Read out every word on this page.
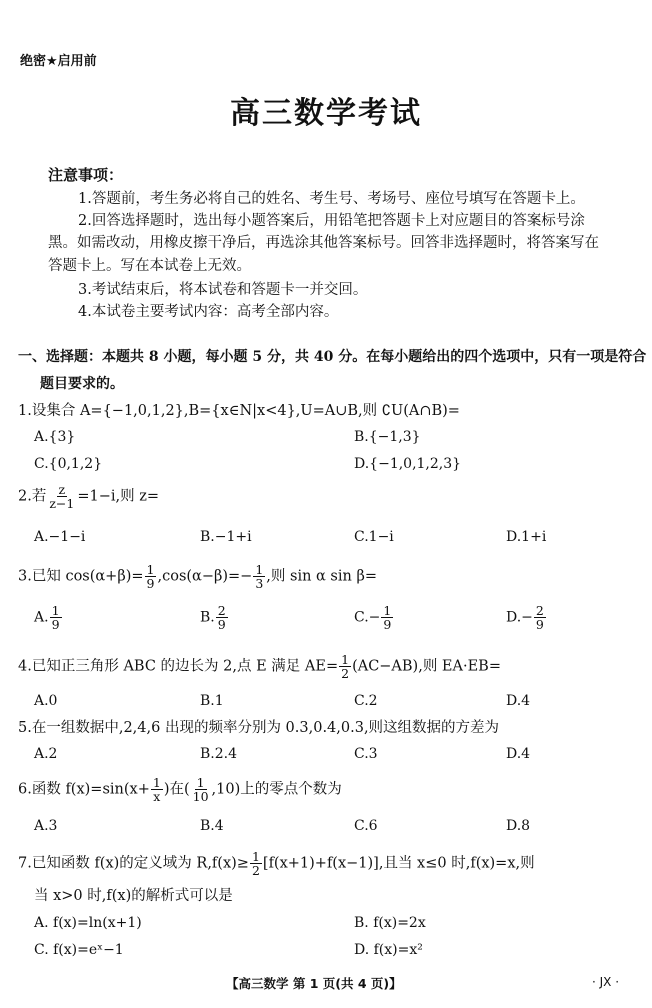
绝密★启用前
高三数学考试
注意事项：
1.答题前，考生务必将自己的姓名、考生号、考场号、座位号填写在答题卡上。
2.回答选择题时，选出每小题答案后，用铅笔把答题卡上对应题目的答案标号涂
黑。如需改动，用橡皮擦干净后，再选涂其他答案标号。回答非选择题时，将答案写在
答题卡上。写在本试卷上无效。
3.考试结束后，将本试卷和答题卡一并交回。
4.本试卷主要考试内容：高考全部内容。
一、选择题：本题共 8 小题，每小题 5 分，共 40 分。在每小题给出的四个选项中，只有一项是符合
题目要求的。
1.设集合 A={−1,0,1,2},B={x∈N|x<4},U=A∪B,则 ∁U(A∩B)=
A.{3}	B.{−1,3}
C.{0,1,2}	D.{−1,0,1,2,3}
2.若 $\frac{z}{z-1} =1-i$,则 z=
A.−1−i	B.−1+i	C.1−i	D.1+i
3.已知 $\cos(\alpha+\beta)= \frac{1}{9} ,\cos(\alpha-\beta)=- \frac{1}{3}$ ,则 sin α sin β=
A. $\frac{1}{9}$	B. $\frac{2}{9}$	$C.- \frac{1}{9}$	$D.- \frac{2}{9}$
4.已知正三角形 ABC 的边长为 2,点 E 满足 $AE= \frac{1}{2} (AC-AB)$,则 EA·EB=
A.0	B.1	C.2	D.4
5.在一组数据中,2,4,6 出现的频率分别为 0.3,0.4,0.3,则这组数据的方差为
A.2	B.2.4	C.3	D.4
6.函数 $f(x)=\sin(x+ \frac{1}{x}$ )在( $\frac{1}{10} ,10$)上的零点个数为
A.3	B.4	C.6	D.8
7.已知函数 f(x)的定义域为 $R,f(x)\ge \frac{1}{2} [f(x+1)+f(x-1)]$,且当 x≤0 时,f(x)=x,则
当 x>0 时,f(x)的解析式可以是
A. f(x)=ln(x+1)	B. f(x)=2x
C. f(x)=eˣ−1	D. f(x)=x²
【高三数学 第 1 页(共 4 页)】	· JX ·
